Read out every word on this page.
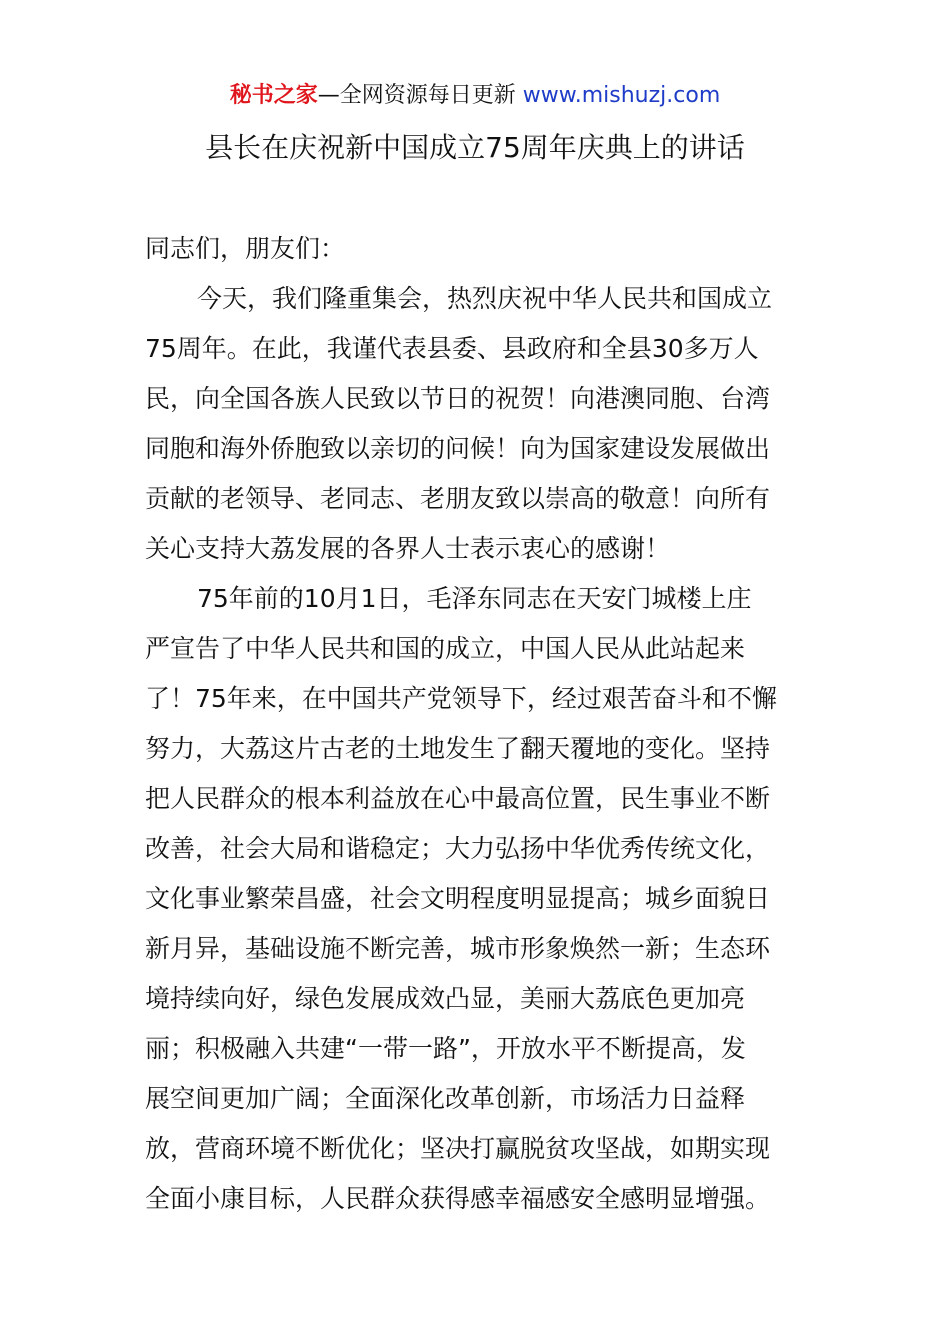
秘书之家—全网资源每日更新 www.mishuzj.com
县长在庆祝新中国成立75周年庆典上的讲话
同志们，朋友们：
今天，我们隆重集会，热烈庆祝中华人民共和国成立
75周年。在此，我谨代表县委、县政府和全县30多万人
民，向全国各族人民致以节日的祝贺！向港澳同胞、台湾
同胞和海外侨胞致以亲切的问候！向为国家建设发展做出
贡献的老领导、老同志、老朋友致以崇高的敬意！向所有
关心支持大荔发展的各界人士表示衷心的感谢！
75年前的10月1日，毛泽东同志在天安门城楼上庄
严宣告了中华人民共和国的成立，中国人民从此站起来
了！75年来，在中国共产党领导下，经过艰苦奋斗和不懈
努力，大荔这片古老的土地发生了翻天覆地的变化。坚持
把人民群众的根本利益放在心中最高位置，民生事业不断
改善，社会大局和谐稳定；大力弘扬中华优秀传统文化，
文化事业繁荣昌盛，社会文明程度明显提高；城乡面貌日
新月异，基础设施不断完善，城市形象焕然一新；生态环
境持续向好，绿色发展成效凸显，美丽大荔底色更加亮
丽；积极融入共建“一带一路”，开放水平不断提高，发
展空间更加广阔；全面深化改革创新，市场活力日益释
放，营商环境不断优化；坚决打赢脱贫攻坚战，如期实现
全面小康目标，人民群众获得感幸福感安全感明显增强。
